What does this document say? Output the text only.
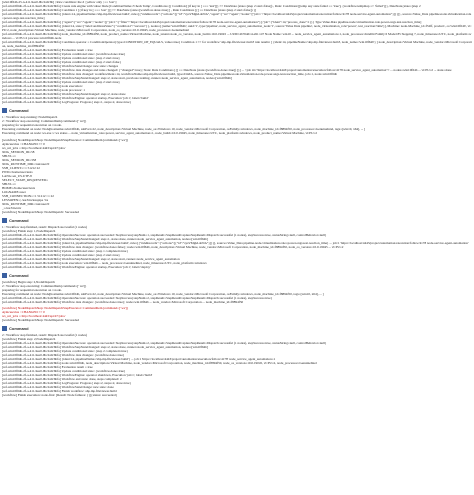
[win10f64b-25-n-411-9ee0-9bc2a0c6b] | Raw condition: the # | yellow only | == 'test' ||
[ref-win10f64b-2f-a-411-9ee0-9bc2a0c6bfa] Create rule engine with value: Rule{ConditionName='Check Temp', Conditions=[{ Condition:[{if key in [ === 'test']]} >> DateState (state=[step 2 start=false]) , Rule: Conditions:[[temp any state failed == 'true'], {workflow.tempmap => 'failed'}]}, DateState{state=[step 2
[ref-win10f64b-2f-a-411-9ee0-9bc2a0c6bfa] Condition 1 [{if key in [ === 'test' ]}] >> DateState (state=[workflow.done=true] ] , Rule Conditions [{[ == DateState (state=[step 2 start=false]) }]
[ref-win10f64b-2f-a-411-9ee0-9bc2a0c6bfa] {ident=14, pipelineName='ahp.mp.fileviewer.build', rule=[{"ruleRecords":{"actions":[{"id":"sysVMgkLabNA","agent":{"ws":"agent","nodes":["job:1 \"https://localhost:4443/project/automation/execution/follow/4178 node-service-agent-automation"}]}}]}, source=Value_Data pipeline.node.virtualization.role=power.ongs.test.reaction_time]
[ref-win10f64b-2f-a-411-9ee0-9bc2a0c6bfa] {"agent":{"ws":"agent","nodes":[{"job:1":{"filter":"https://localhost:4443/project/automation/execution/follow/4178 node-service-agent-automation"}],"job":{"ident":14,"process_done":1}}} Type Value.Data pipeline.node.virtualization.role.power.ongs.test.reaction_time]
[ref-win10f64b-2f-a-411-9ee0-9bc2a0c6bfa] {ident:14, state:{"ruleConditionsState":{"condition1":"success"}}, nodes=[{name:'win10f64b', uuid:'1', type:'pipeline', node_service_agent_automation_node:'1', source:'Value Data pipeline', node_virtualization_role:'power', test_reaction:'time'}], Machine: node-Machine_id=f52ff, product:, os:'win10f64b', vCPU:2, node_description=Virtual Machine, node_vendor=Microsoft Corporation, node_os_version=10.0.19045, node_processor=GenuineIntel
[ref-win10f64b-2f-a-411-9ee0-9bc2a0c6bfa] node_machine_id=f8894f50, node_product_name=Virtual Machine, node_tenant=node_os_version, node_build=10.0.19045 ... UUID 4b76dd1d-abb 1d7 Node Name: win10 ... node_service_agent_automation=1, node_processor=Intel64 Family 6 Model 85 Stepping 7, node_timezone=UTC, node_platform=windows ... vCPU=2 process=win10f64b.node
[ref-win10f64b-2f-a-411-9ee0-9bc2a0c6bfa] Condition operator = ConditionOperator{type=CONDITION_OP_EQUALS, value=true} Condition 1 >> for workflow 'ahp-mp-fileviewer-build' rule results: [ {ident:14, pipelineName='ahp.mp.fileviewer.build', node_name='win10f64b'} ] node_description=Virtual Machine, node_vendor=Microsoft Corporation, node_machine_id=f8894f50
[ref-win10f64b-2f-a-411-9ee0-9bc2a0c6bfa] Evaluation result = true
[ref-win10f64b-2f-a-411-9ee0-9bc2a0c6bfa] Update conditional state: {workflow.done=true}
[ref-win10f64b-2f-a-411-9ee0-9bc2a0c6bfa] Update conditional state: {step 2 start=true}
[ref-win10f64b-2f-a-411-9ee0-9bc2a0c6bfa] Update conditional state: {step 2 start=false}
[ref-win10f64b-2f-a-411-9ee0-9bc2a0c6bfa] WorkflowStateChange: new state: changes
[ref-win10f64b-2f-a-411-9ee0-9bc2a0c6bfa] Workflow data changes and rules changed: {"changed":true}; State: Rule Conditions [{[ == DateState (state=[workflow.done=true]) ]}] ... <job id="https://localhost:4443/project/automation/execution/follow/4178 node_service_agent_automation"> ... nodes=win10f64b ... vCPU=2 ... state=done
[ref-win10f64b-2f-a-411-9ee0-9bc2a0c6bfa] Workflow data changed: workflowIdent=14, workflowName=ahp.mp.fileviewer.build, type=DATA, source=Value_Data pipeline.node.virtualization.role.power.ongs.test.reaction_time, job=1, node=win10f64b
[ref-win10f64b-2f-a-411-9ee0-9bc2a0c6bfa] WorkflowStepStateChanged: step=2, state=start, previous=waiting, runner=node_service_agent_automation, nodes=[win10f64b]
[ref-win10f64b-2f-a-411-9ee0-9bc2a0c6bfa] Update conditional state: {step 2 start=true}
[ref-win10f64b-2f-a-411-9ee0-9bc2a0c6bfa] node execution:
[ref-win10f64b-2f-a-411-9ee0-9bc2a0c6bfa] node processor: 1
[ref-win10f64b-2f-a-411-9ee0-9bc2a0c6bfa] WorkflowStepStateChanged: step=2, state=done
[ref-win10f64b-2f-a-411-9ee0-9bc2a0c6bfa] WorkflowEngine: operator startup, Execution 'job:1', label='build'
[ref-win10f64b-2f-a-411-9ee0-9bc2a0c6bfa] LogProgress: Progress{ step=1, steps=2, done=true}
Command
1 : Workflow step running: NodeDispatch
2 : Workflow step executing: CommandItem{command=[' ws']}
preparing for sequential execution on 1 node.
Executing command on node: Node[hostname=win10f64b, sshPort=22, node_description=Virtual Machine, node_os=Windows 10, node_vendor=Microsoft Corporation, osFamily=windows, node_machine_id=f8894f50, node_processor=GenuineIntel, tags=[win10, x64], ... ]
Executing command on node: ws.exe /c ws status ... node_virtualization_role=power, service_agent_automation=1, node_build=10.0.19045, node_timezone=UTC, node_platform=windows, node_product_name=Virtual Machine, vCPU=2
[workflow] NodeDispatchStep: NodeDispatchStepExecutor: CommandItem{command=[' ws']}
Ayincuscrius : CHANGED >> 0
ws_uri_jobs = http://localhost:4443/api/47/jobs/
XDG_SESSION_ID=58
SHLVL=1
XDG_SESSION_ID=358
XDG_RUNTIME_DIR=/run/user/0
SSH_CLIENT=::1 51212 22
PWD=/home/user/tests
LANG=en_US.UTF-8
SELECT_STATE_REQUESTED=
SHLVL=1
HOME=/home/user/tests
LOGNAME=user
SSH_CONNECTION=::1 51212 ::1 22
LESSOPEN=| /usr/bin/lesspipe %s
XDG_RUNTIME_DIR=/run/user/0
_=/usr/bin/env
[workflow] NodeDispatchStep: NodeDispatch: Succeeded
Command
1 : Workflow step finished, result: Dispatch successful (1 nodes)
[workflow] Finish step: 1,NodeDispatch
[ref-win10f64b-2f-a-411-9ee0-9bc2a0c6bfa] OperationSuccess: operation succeeded: StepSuccess{stepNum=1, stepResult=StepResultCaptureStepResult=Dispatch successful (1 nodes), stepSuccess=true, statusString=null, controlBehavior=null}
[ref-win10f64b-2f-a-411-9ee0-9bc2a0c6bfa] WorkflowStepStateChanged: step=1, state=done, runner=node_service_agent_automation, nodes=[win10f64b]
[ref-win10f64b-2f-a-411-9ee0-9bc2a0c6bfa] {ident:14, pipelineName='ahp.mp.fileviewer.build', rule=[{"ruleRecords":{"actions":[{"id":"sysVMgkLabNA"}]}}], source=Value_Data pipeline.node.virtualization.role=power.ongs.test.reaction_time} ... job:1 'https://localhost:4443/project/automation/execution/follow/4178 node-service-agent-automation'
[ref-win10f64b-2f-a-411-9ee0-9bc2a0c6bfa] Workflow data changes: {workflow.done=false}; node=win10f64b, node_description=Virtual Machine, node_vendor=Microsoft Corporation, node_machine_id=f8894f50, node_os_version=10.0.19045 ... vCPU=2
[ref-win10f64b-2f-a-411-9ee0-9bc2a0c6bfa] Update conditional state: {step 1 completed=true}
[ref-win10f64b-2f-a-411-9ee0-9bc2a0c6bfa] Update conditional state: {step 2 start=true}
[ref-win10f64b-2f-a-411-9ee0-9bc2a0c6bfa] WorkflowStepStateChanged: step=2, state=start, runner=node_service_agent_automation
[ref-win10f64b-2f-a-411-9ee0-9bc2a0c6bfa] node execution: win10f64b ... node_processor=GenuineIntel, node_timezone=UTC, node_platform=windows
[ref-win10f64b-2f-a-411-9ee0-9bc2a0c6bfa] WorkflowEngine: operator startup, Execution 'job:1', label='deploy'
Command
[workflow] Begin step: 2,NodeDispatch
2 : Workflow step executing: CommandItem{command=[' ws']}
preparing for sequential execution on 1 node.
Executing command on node: Node[hostname=win10f64b, sshPort=22, node_description=Virtual Machine, node_os=Windows 10, node_vendor=Microsoft Corporation, osFamily=windows, node_machine_id=f8894f50, tags=[win10, x64], ... ]
[ref-win10f64b-2f-a-411-9ee0-9bc2a0c6bfa] OperationSuccess: operation succeeded: StepSuccess{stepNum=2, stepResult=StepResultCaptureStepResult=Dispatch successful (1 nodes), stepSuccess=true}
[ref-win10f64b-2f-a-411-9ee0-9bc2a0c6bfa] Workflow data changes: {workflow.done=true}; node=win10f64b ... node_vendor=Microsoft Corporation ... node_machine_id=f8894f50
[workflow] NodeDispatchStep: NodeDispatchStepExecutor: CommandItem{command=[' ws']}
Ayincuscrius : CHANGED >> 0
ws_uri_jobs = http://localhost:4443/api/47/jobs/
[workflow] NodeDispatchStep: NodeDispatch: Succeeded
Command
2 : Workflow step finished, result: Dispatch successful (1 nodes)
[workflow] Finish step: 2,NodeDispatch
[ref-win10f64b-2f-a-411-9ee0-9bc2a0c6bfa] OperationSuccess: operation succeeded: StepSuccess{stepNum=2, stepResult=StepResultCaptureStepResult=Dispatch successful (1 nodes), stepSuccess=true, statusString=null, controlBehavior=null}
[ref-win10f64b-2f-a-411-9ee0-9bc2a0c6bfa] WorkflowStepStateChanged: step=2, state=done, runner=node_service_agent_automation, nodes=[win10f64b]
[ref-win10f64b-2f-a-411-9ee0-9bc2a0c6bfa] Update conditional state: {step 2 completed=true}
[ref-win10f64b-2f-a-411-9ee0-9bc2a0c6bfa] Workflow data changes: {workflow.done=true}
[ref-win10f64b-2f-a-411-9ee0-9bc2a0c6bfa] {ident:14, pipelineName='ahp.mp.fileviewer.build'} ... job:1 'https://localhost:4443/project/automation/execution/follow/4178' node_service_agent_automation=1
[ref-win10f64b-2f-a-411-9ee0-9bc2a0c6bfa] node=win10f64b, node_description=Virtual Machine, node_vendor=Microsoft Corporation, node_machine_id=f8894f50, node_os_version=10.0.19045, vCPU=2, node_processor=GenuineIntel
[ref-win10f64b-2f-a-411-9ee0-9bc2a0c6bfa] Evaluation result = true
[ref-win10f64b-2f-a-411-9ee0-9bc2a0c6bfa] Update conditional state: {workflow.done=true}
[ref-win10f64b-2f-a-411-9ee0-9bc2a0c6bfa] WorkflowEngine: operator shutdown, Execution 'job:1', label='build'
[ref-win10f64b-2f-a-411-9ee0-9bc2a0c6bfa] Workflow end state: done, steps completed: 2
[ref-win10f64b-2f-a-411-9ee0-9bc2a0c6bfa] LogProgress: Progress{ step=2, steps=2, done=true}
[ref-win10f64b-2f-a-411-9ee0-9bc2a0c6bfa] WorkflowStateChange: new state: done
[ref-win10f64b-2f-a-411-9ee0-9bc2a0c6bfa] Finish workflow: ahp.mp.fileviewer.build
[workflow] Finish execution: node-first: [Result: Node failures: {}]{status: succeeded}
